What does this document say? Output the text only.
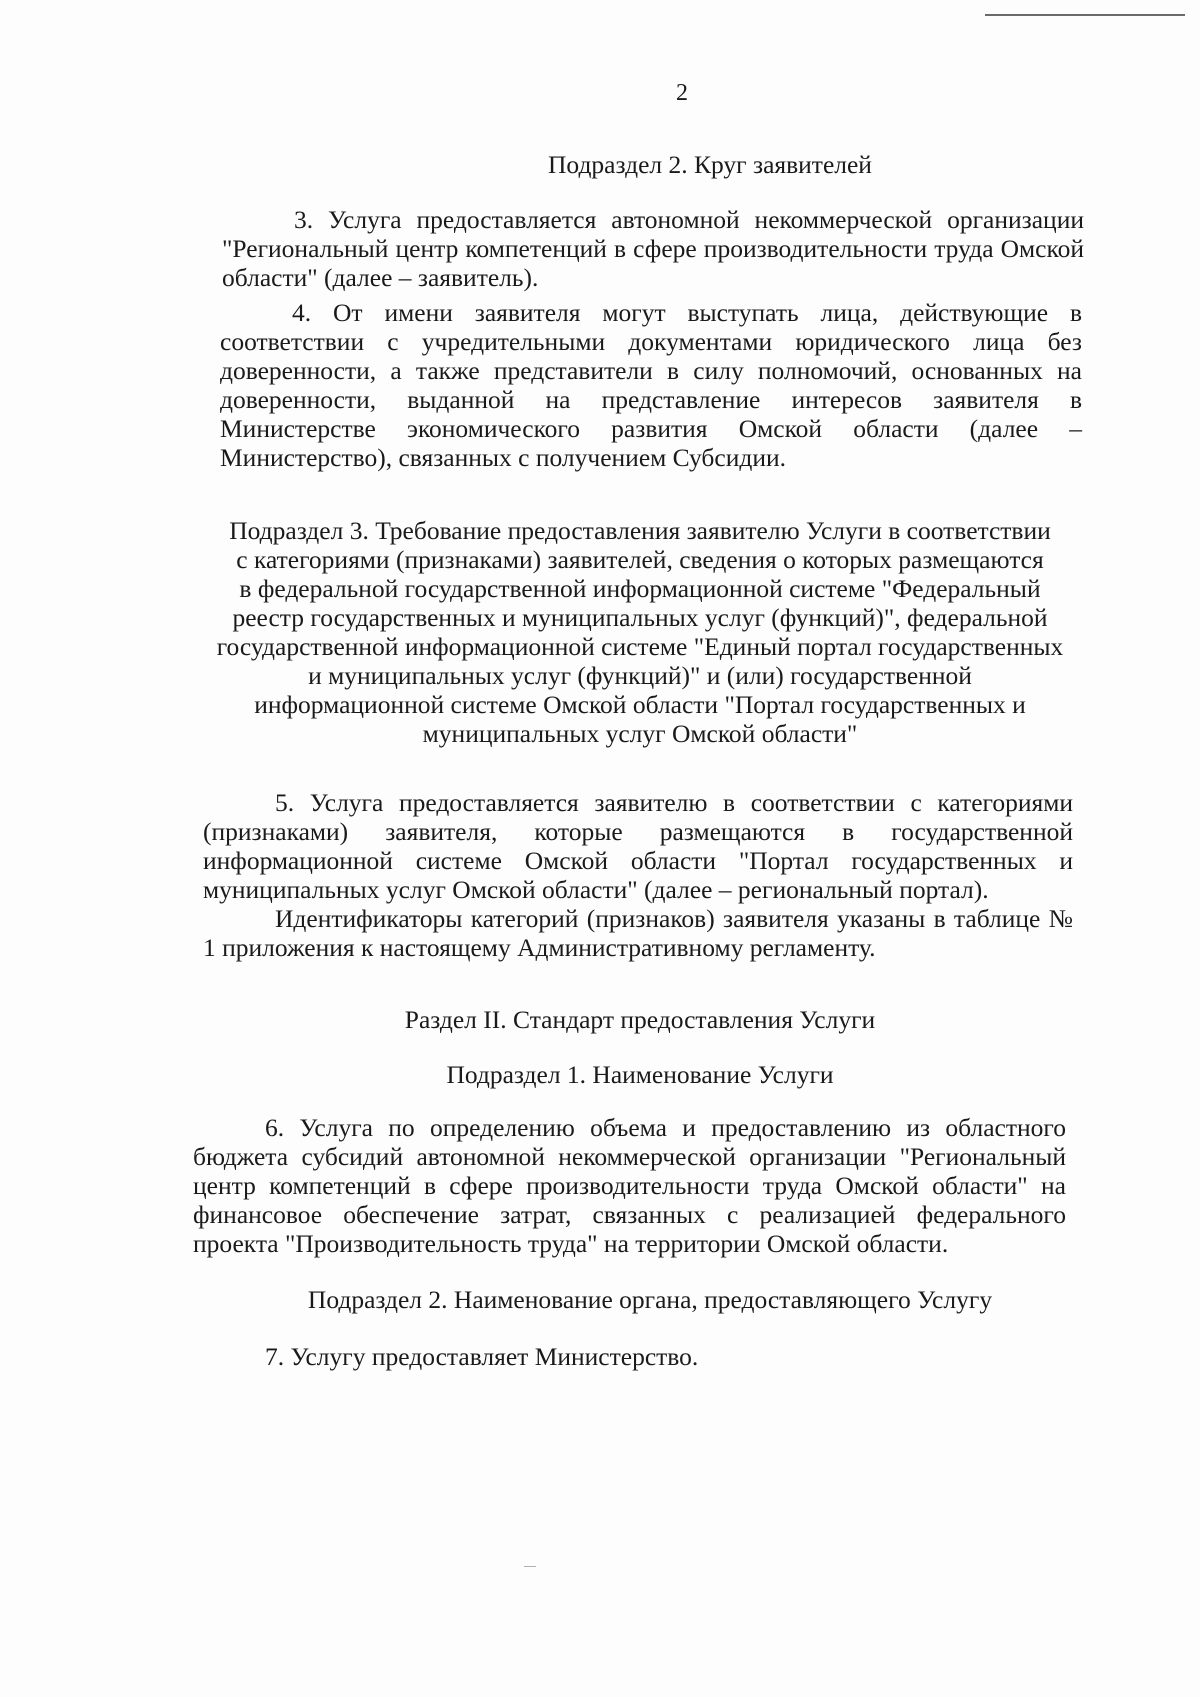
2
Подраздел 2. Круг заявителей
3. Услуга предоставляется автономной некоммерческой организации "Региональный центр компетенций в сфере производительности труда Омской области" (далее – заявитель).
4. От имени заявителя могут выступать лица, действующие в соответствии с учредительными документами юридического лица без доверенности, а также представители в силу полномочий, основанных на доверенности, выданной на представление интересов заявителя в Министерстве экономического развития Омской области (далее – Министерство), связанных с получением Субсидии.
Подраздел 3. Требование предоставления заявителю Услуги в соответствии
с категориями (признаками) заявителей, сведения о которых размещаются
в федеральной государственной информационной системе "Федеральный
реестр государственных и муниципальных услуг (функций)", федеральной
государственной информационной системе "Единый портал государственных
и муниципальных услуг (функций)" и (или) государственной
информационной системе Омской области "Портал государственных и
муниципальных услуг Омской области"
5. Услуга предоставляется заявителю в соответствии с категориями (признаками) заявителя, которые размещаются в государственной информационной системе Омской области "Портал государственных и муниципальных услуг Омской области" (далее – региональный портал).
Идентификаторы категорий (признаков) заявителя указаны в таблице № 1 приложения к настоящему Административному регламенту.
Раздел II. Стандарт предоставления Услуги
Подраздел 1. Наименование Услуги
6. Услуга по определению объема и предоставлению из областного бюджета субсидий автономной некоммерческой организации "Региональный центр компетенций в сфере производительности труда Омской области" на финансовое обеспечение затрат, связанных с реализацией федерального проекта "Производительность труда" на территории Омской области.
Подраздел 2. Наименование органа, предоставляющего Услугу
7. Услугу предоставляет Министерство.
